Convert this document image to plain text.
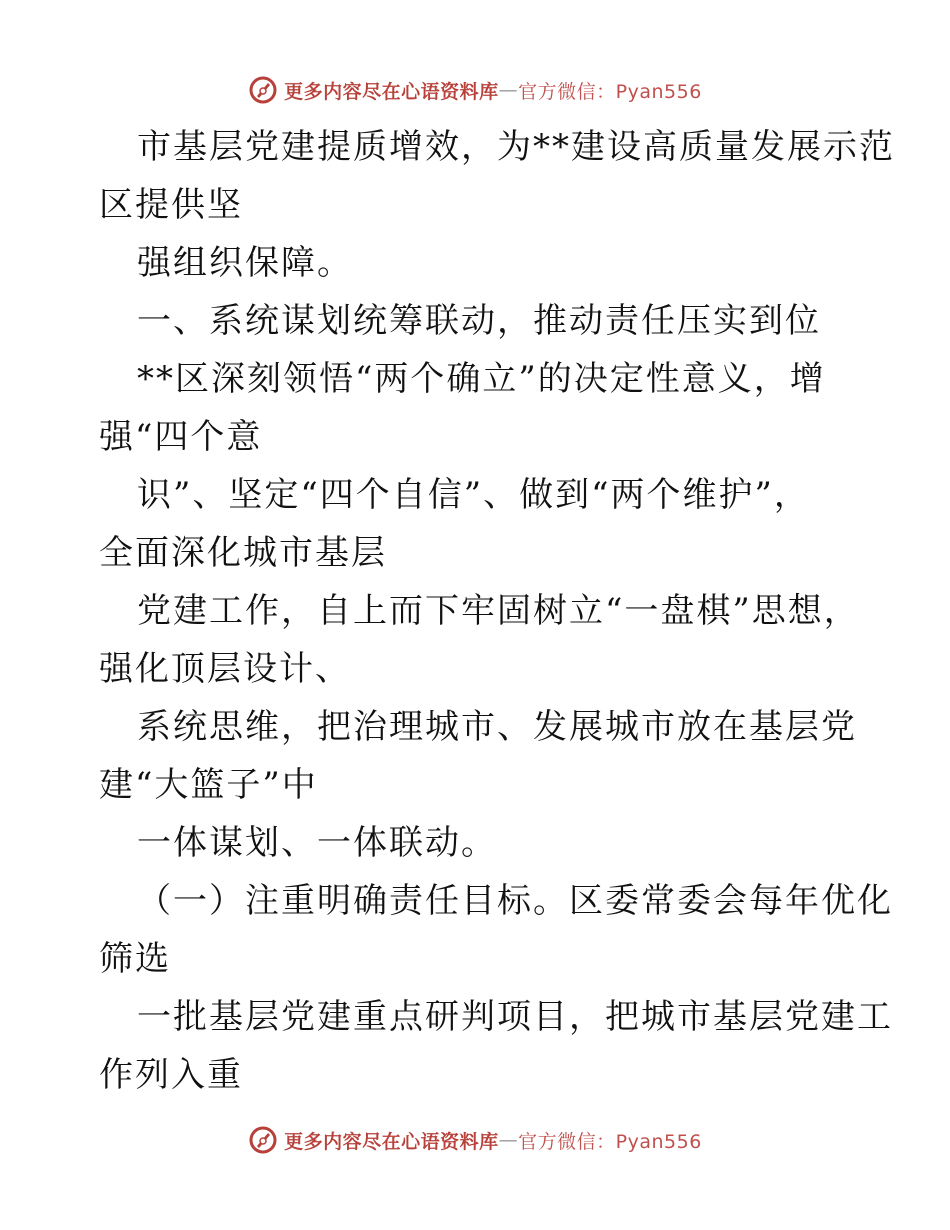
更多内容尽在心语资料库 — 官方微信：Pyan556
市基层党建提质增效，为**建设高质量发展示范
区提供坚
强组织保障。
一、系统谋划统筹联动，推动责任压实到位
**区深刻领悟“两个确立”的决定性意义，增
强“四个意
识”、坚定“四个自信”、做到“两个维护”，
全面深化城市基层
党建工作，自上而下牢固树立“一盘棋”思想，
强化顶层设计、
系统思维，把治理城市、发展城市放在基层党
建“大篮子”中
一体谋划、一体联动。
（一）注重明确责任目标。区委常委会每年优化
筛选
一批基层党建重点研判项目，把城市基层党建工
作列入重
更多内容尽在心语资料库 — 官方微信：Pyan556
